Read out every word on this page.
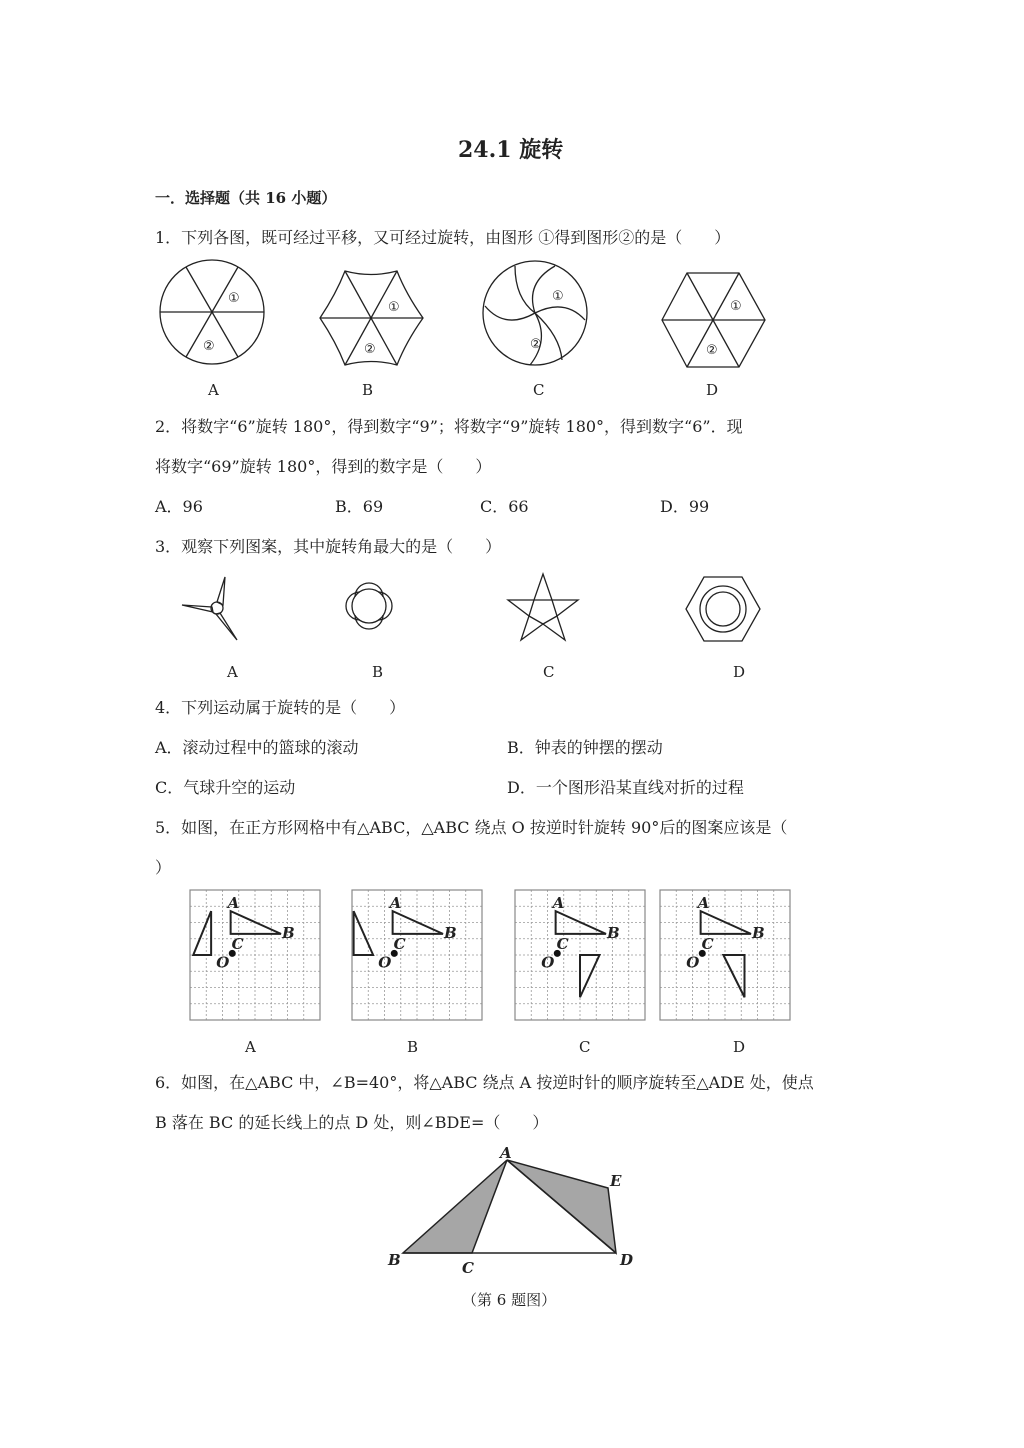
24.1 旋转
一．选择题（共 16 小题）
1．下列各图，既可经过平移，又可经过旋转，由图形 ①得到图形②的是（　　）
①
②
①
②
①
②
①
②
A	B	C	D
2．将数字“6”旋转 180°，得到数字“9”；将数字“9”旋转 180°，得到数字“6”．现
将数字“69”旋转 180°，得到的数字是（　　）
A．96	B．69	C．66	D．99
3．观察下列图案，其中旋转角最大的是（　　）
A	B	C	D
4．下列运动属于旋转的是（　　）
A．滚动过程中的篮球的滚动	B．钟表的钟摆的摆动
C．气球升空的运动	D．一个图形沿某直线对折的过程
5．如图，在正方形网格中有△ABC，△ABC 绕点 O 按逆时针旋转 90°后的图案应该是（
）
A
B
C
O
A
B
C
O
A
B
C
O
A
B
C
O
A	B	C	D
6．如图，在△ABC 中，∠B=40°，将△ABC 绕点 A 按逆时针的顺序旋转至△ADE 处，使点
B 落在 BC 的延长线上的点 D 处，则∠BDE=（　　）
A
B	C	D
E
（第 6 题图）
